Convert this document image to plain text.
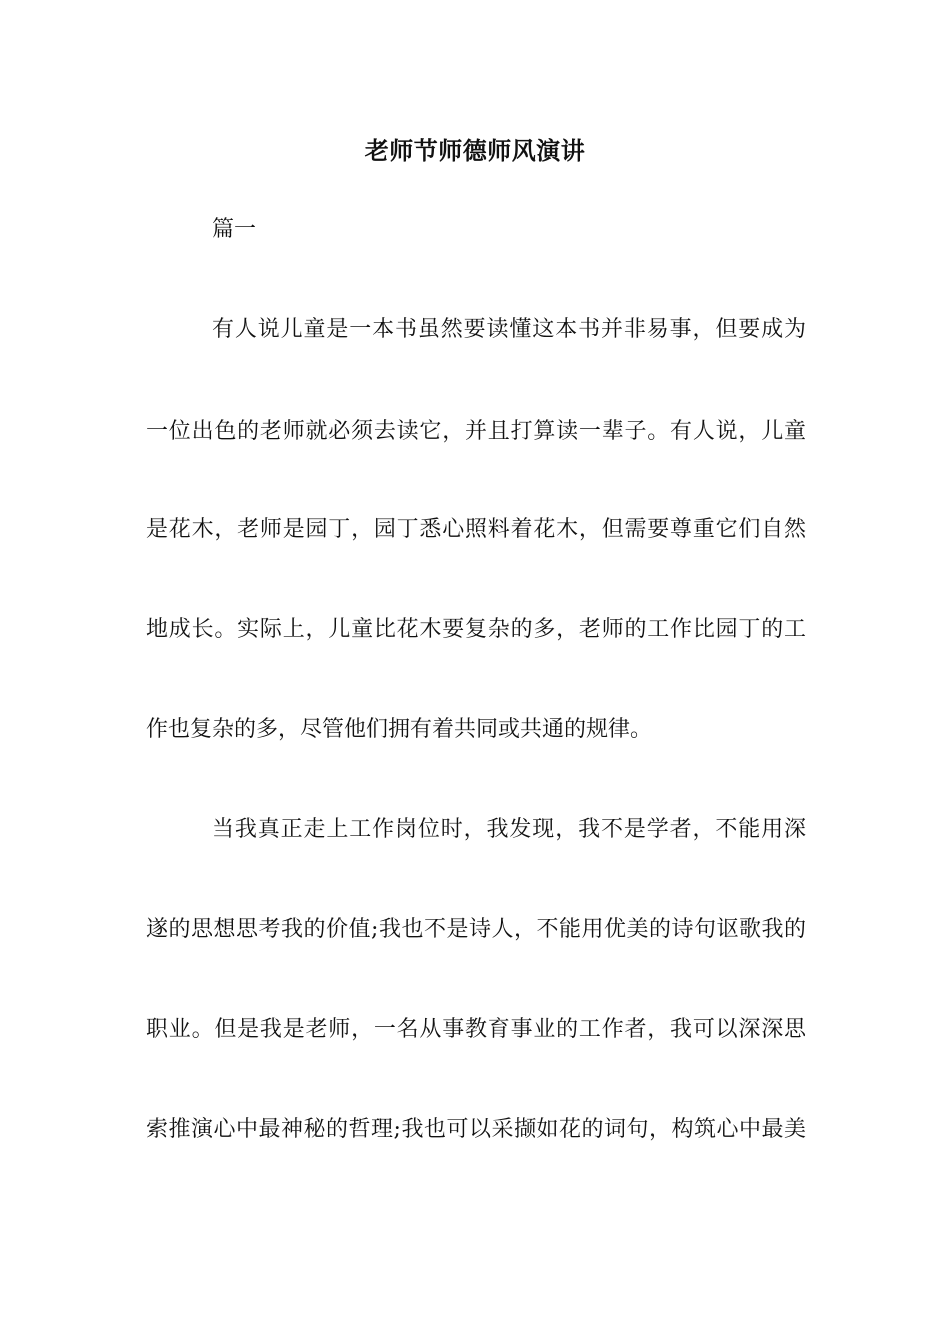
老师节师德师风演讲
篇一
有人说儿童是一本书虽然要读懂这本书并非易事，但要成为
一位出色的老师就必须去读它，并且打算读一辈子。有人说，儿童
是花木，老师是园丁，园丁悉心照料着花木，但需要尊重它们自然
地成长。实际上，儿童比花木要复杂的多，老师的工作比园丁的工
作也复杂的多，尽管他们拥有着共同或共通的规律。
当我真正走上工作岗位时，我发现，我不是学者，不能用深
遂的思想思考我的价值;我也不是诗人，不能用优美的诗句讴歌我的
职业。但是我是老师，一名从事教育事业的工作者，我可以深深思
索推演心中最神秘的哲理;我也可以采撷如花的词句，构筑心中最美
